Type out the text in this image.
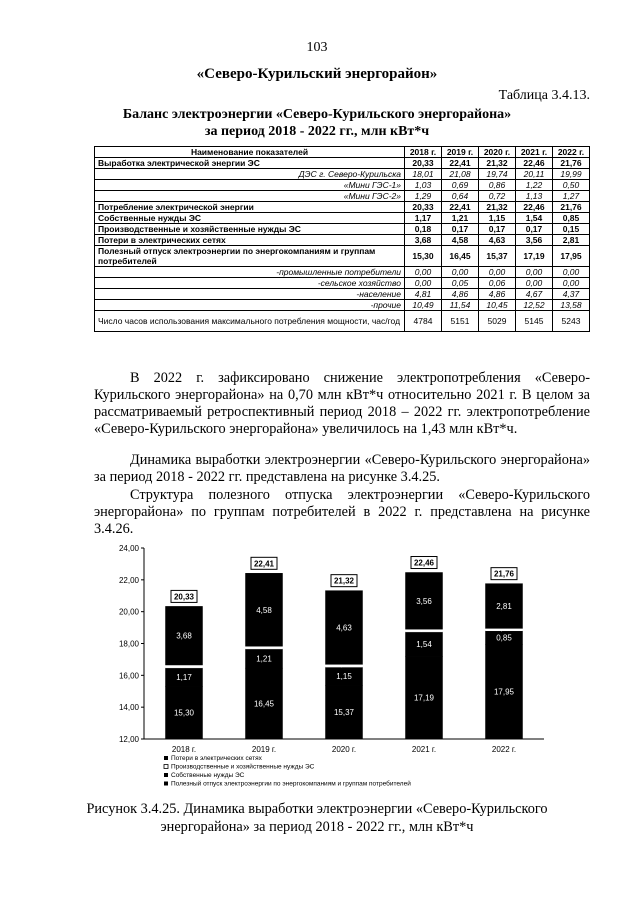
103
«Северо-Курильский энергорайон»
Таблица 3.4.13.
Баланс электроэнергии «Северо-Курильского энергорайона»
за период 2018 - 2022 гг., млн кВт*ч
Наименование показателей	2018 г.	2019 г.	2020 г.	2021 г.	2022 г.
Выработка электрической энергии ЭС	20,33	22,41	21,32	22,46	21,76
ДЭС г. Северо-Курильска	18,01	21,08	19,74	20,11	19,99
«Мини ГЭС-1»	1,03	0,69	0,86	1,22	0,50
«Мини ГЭС-2»	1,29	0,64	0,72	1,13	1,27
Потребление электрической энергии	20,33	22,41	21,32	22,46	21,76
Собственные нужды ЭС	1,17	1,21	1,15	1,54	0,85
Производственные и хозяйственные нужды ЭС	0,18	0,17	0,17	0,17	0,15
Потери в электрических сетях	3,68	4,58	4,63	3,56	2,81
Полезный отпуск электроэнергии по энергокомпаниям и группам потребителей	15,30	16,45	15,37	17,19	17,95
-промышленные потребители	0,00	0,00	0,00	0,00	0,00
-сельское хозяйство	0,00	0,05	0,06	0,00	0,00
-население	4,81	4,86	4,86	4,67	4,37
-прочие	10,49	11,54	10,45	12,52	13,58
Число часов использования максимального потребления мощности, час/год	4784	5151	5029	5145	5243
В 2022 г. зафиксировано снижение электропотребления «Северо-Курильского энергорайона» на 0,70 млн кВт*ч относительно 2021 г. В целом за рассматриваемый ретроспективный период 2018 – 2022 гг. электропотребление «Северо-Курильского энергорайона» увеличилось на 1,43 млн кВт*ч.
Динамика выработки электроэнергии «Северо-Курильского энергорайона» за период 2018 - 2022 гг. представлена на рисунке 3.4.25.
Структура полезного отпуска электроэнергии «Северо-Курильского энергорайона» по группам потребителей в 2022 г. представлена на рисунке 3.4.26.
12,00
14,00
16,00
18,00
20,00
22,00
24,00
15,30
1,17
3,68
20,33
2018 г.
16,45
1,21
4,58
22,41
2019 г.
15,37
1,15
4,63
21,32
2020 г.
17,19
1,54
3,56
22,46
2021 г.
17,95
0,85
2,81
21,76
2022 г.
Потери в электрических сетях
Производственные и хозяйственные нужды ЭС
Собственные нужды ЭС
Полезный отпуск электроэнергии по энергокомпаниям и группам потребителей
Рисунок 3.4.25. Динамика выработки электроэнергии «Северо-Курильского
энергорайона» за период 2018 - 2022 гг., млн кВт*ч
